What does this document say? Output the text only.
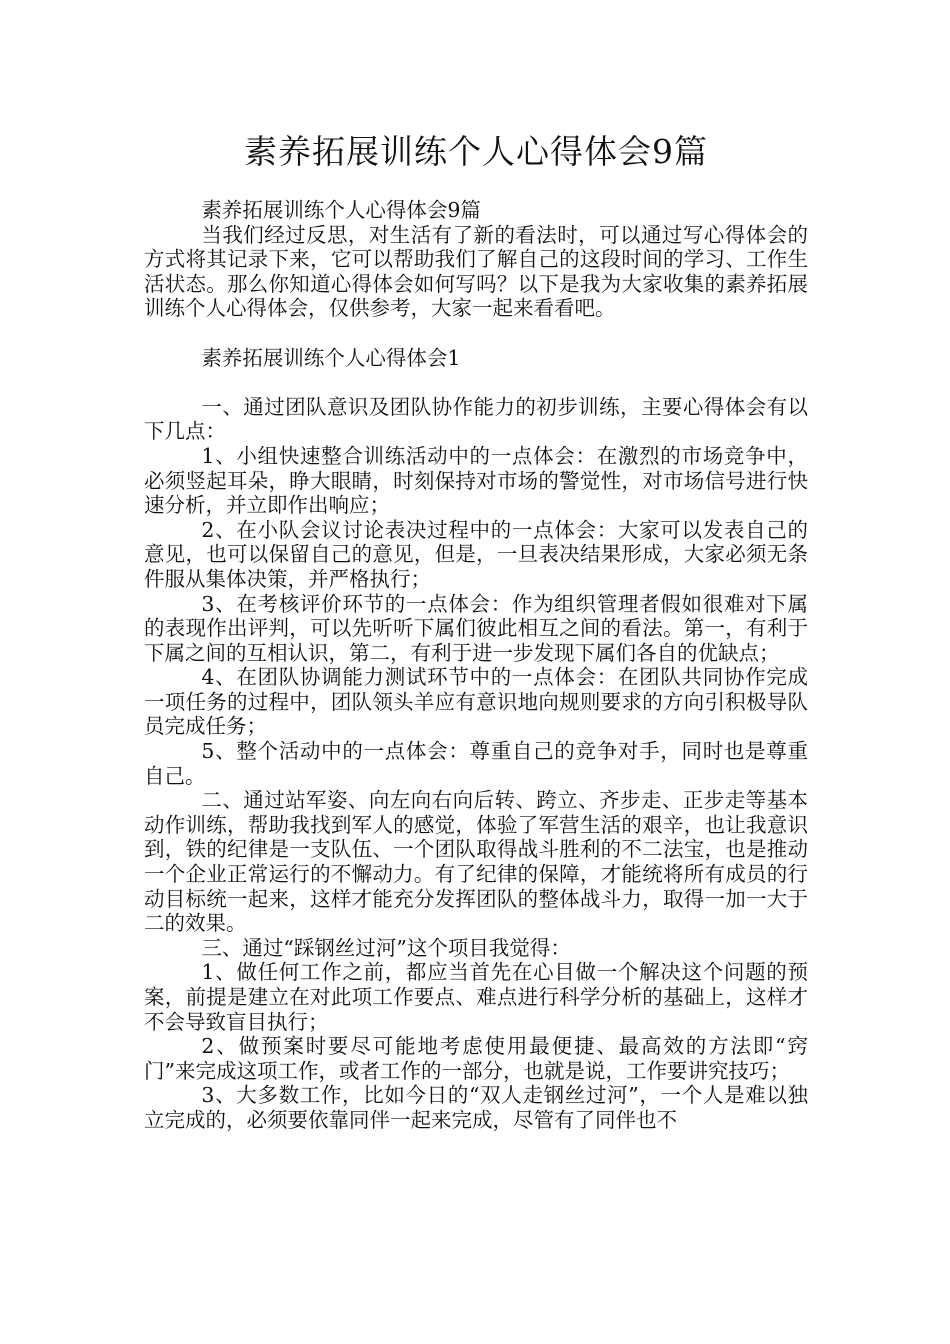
素养拓展训练个人心得体会9篇

素养拓展训练个人心得体会9篇

当我们经过反思，对生活有了新的看法时，可以通过写心得体会的方式将其记录下来，它可以帮助我们了解自己的这段时间的学习、工作生活状态。那么你知道心得体会如何写吗？以下是我为大家收集的素养拓展训练个人心得体会，仅供参考，大家一起来看看吧。

素养拓展训练个人心得体会1

一、通过团队意识及团队协作能力的初步训练，主要心得体会有以下几点：

1、小组快速整合训练活动中的一点体会：在激烈的市场竞争中，必须竖起耳朵，睁大眼睛，时刻保持对市场的警觉性，对市场信号进行快速分析，并立即作出响应；

2、在小队会议讨论表决过程中的一点体会：大家可以发表自己的意见，也可以保留自己的意见，但是，一旦表决结果形成，大家必须无条件服从集体决策，并严格执行；

3、在考核评价环节的一点体会：作为组织管理者假如很难对下属的表现作出评判，可以先听听下属们彼此相互之间的看法。第一，有利于下属之间的互相认识，第二，有利于进一步发现下属们各自的优缺点；

4、在团队协调能力测试环节中的一点体会：在团队共同协作完成一项任务的过程中，团队领头羊应有意识地向规则要求的方向引积极导队员完成任务；

5、整个活动中的一点体会：尊重自己的竞争对手，同时也是尊重自己。

二、通过站军姿、向左向右向后转、跨立、齐步走、正步走等基本动作训练，帮助我找到军人的感觉，体验了军营生活的艰辛，也让我意识到，铁的纪律是一支队伍、一个团队取得战斗胜利的不二法宝，也是推动一个企业正常运行的不懈动力。有了纪律的保障，才能统将所有成员的行动目标统一起来，这样才能充分发挥团队的整体战斗力，取得一加一大于二的效果。

三、通过“踩钢丝过河”这个项目我觉得：

1、做任何工作之前，都应当首先在心目做一个解决这个问题的预案，前提是建立在对此项工作要点、难点进行科学分析的基础上，这样才不会导致盲目执行；

2、做预案时要尽可能地考虑使用最便捷、最高效的方法即“窍门”来完成这项工作，或者工作的一部分，也就是说，工作要讲究技巧；

3、大多数工作，比如今日的“双人走钢丝过河”，一个人是难以独立完成的，必须要依靠同伴一起来完成，尽管有了同伴也不
